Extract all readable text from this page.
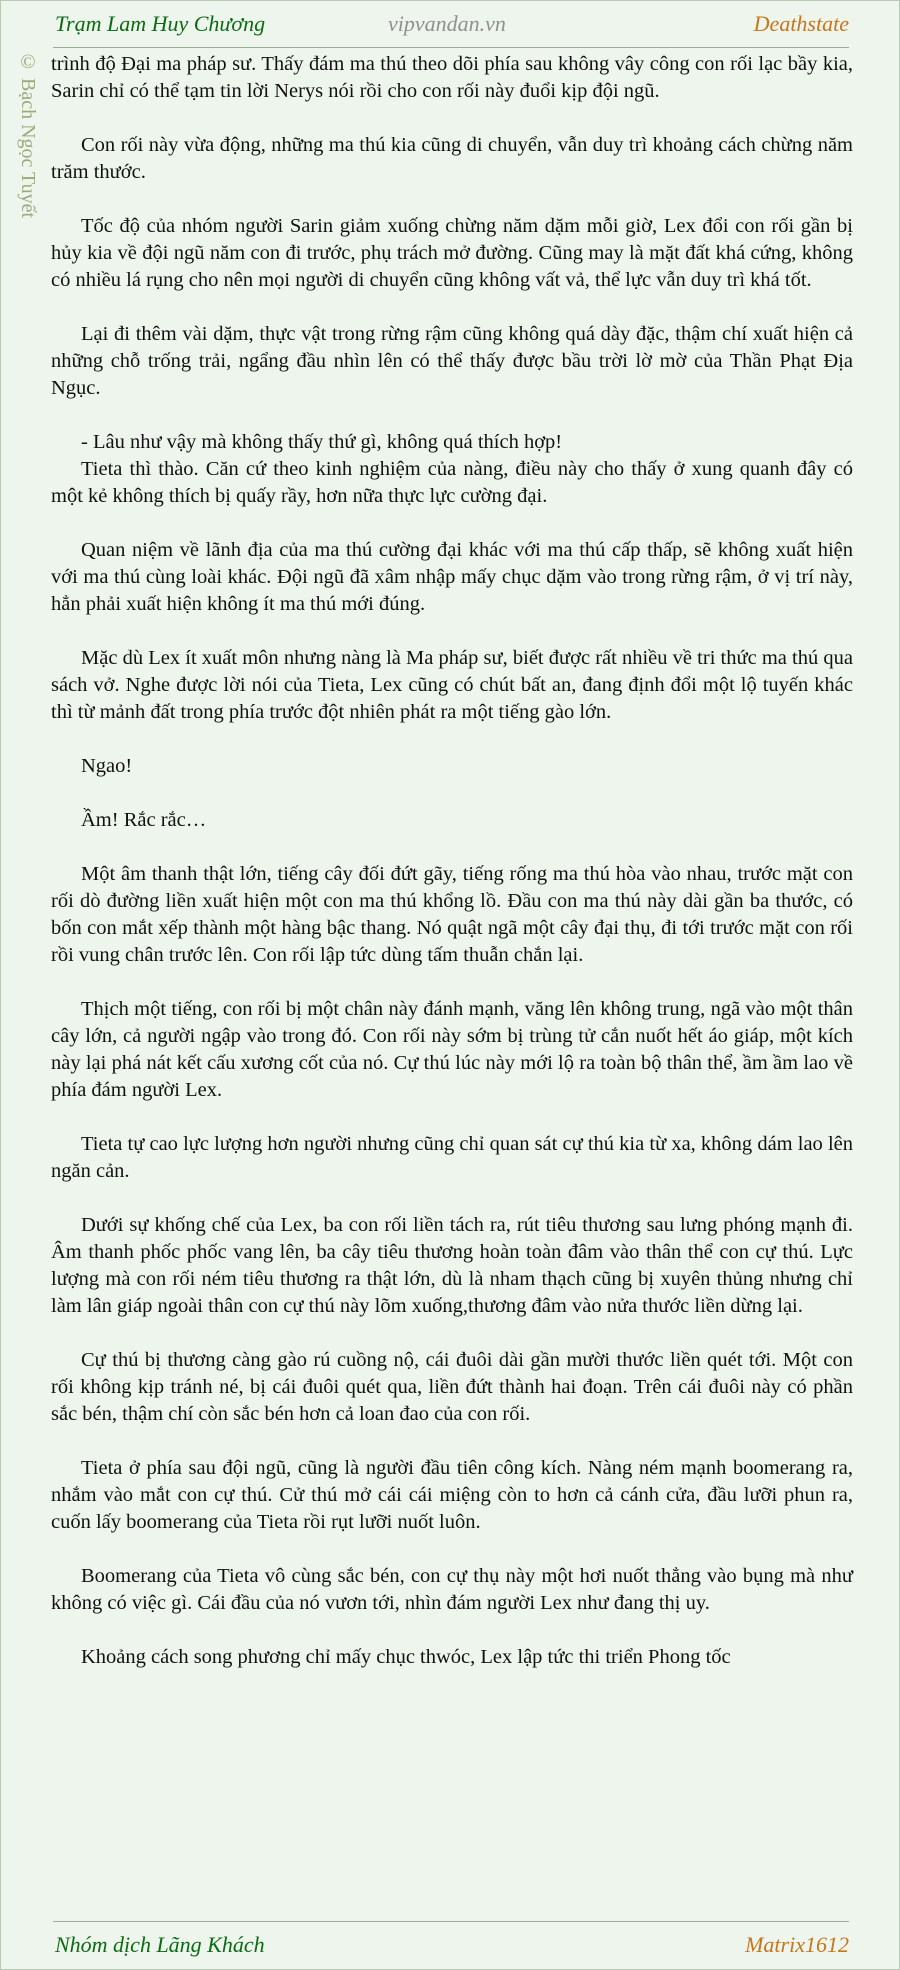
Trạm Lam Huy Chương	vipvandan.vn	Deathstate
© Bạch Ngọc Tuyết trình độ Đại ma pháp sư. Thấy đám ma thú theo dõi phía sau không vây công con rối lạc bầy kia, Sarin chỉ có thể tạm tin lời Nerys nói rồi cho con rối này đuổi kịp đội ngũ.

Con rối này vừa động, những ma thú kia cũng di chuyển, vẫn duy trì khoảng cách chừng năm trăm thước.

Tốc độ của nhóm người Sarin giảm xuống chừng năm dặm mỗi giờ, Lex đổi con rối gần bị hủy kia về đội ngũ năm con đi trước, phụ trách mở đường. Cũng may là mặt đất khá cứng, không có nhiều lá rụng cho nên mọi người di chuyển cũng không vất vả, thể lực vẫn duy trì khá tốt.

Lại đi thêm vài dặm, thực vật trong rừng rậm cũng không quá dày đặc, thậm chí xuất hiện cả những chỗ trống trải, ngẩng đầu nhìn lên có thể thấy được bầu trời lờ mờ của Thần Phạt Địa Ngục.

- Lâu như vậy mà không thấy thứ gì, không quá thích hợp!

Tieta thì thào. Căn cứ theo kinh nghiệm của nàng, điều này cho thấy ở xung quanh đây có một kẻ không thích bị quấy rầy, hơn nữa thực lực cường đại.

Quan niệm về lãnh địa của ma thú cường đại khác với ma thú cấp thấp, sẽ không xuất hiện với ma thú cùng loài khác. Đội ngũ đã xâm nhập mấy chục dặm vào trong rừng rậm, ở vị trí này, hẳn phải xuất hiện không ít ma thú mới đúng.

Mặc dù Lex ít xuất môn nhưng nàng là Ma pháp sư, biết được rất nhiều về tri thức ma thú qua sách vở. Nghe được lời nói của Tieta, Lex cũng có chút bất an, đang định đổi một lộ tuyến khác thì từ mảnh đất trong phía trước đột nhiên phát ra một tiếng gào lớn.

Ngao!

Ầm! Rắc rắc…

Một âm thanh thật lớn, tiếng cây đối đứt gãy, tiếng rống ma thú hòa vào nhau, trước mặt con rối dò đường liền xuất hiện một con ma thú khổng lồ. Đầu con ma thú này dài gần ba thước, có bốn con mắt xếp thành một hàng bậc thang. Nó quật ngã một cây đại thụ, đi tới trước mặt con rối rồi vung chân trước lên. Con rối lập tức dùng tấm thuẫn chắn lại.

Thịch một tiếng, con rối bị một chân này đánh mạnh, văng lên không trung, ngã vào một thân cây lớn, cả người ngập vào trong đó. Con rối này sớm bị trùng tử cắn nuốt hết áo giáp, một kích này lại phá nát kết cấu xương cốt của nó. Cự thú lúc này mới lộ ra toàn bộ thân thể, ầm ầm lao về phía đám người Lex.

Tieta tự cao lực lượng hơn người nhưng cũng chỉ quan sát cự thú kia từ xa, không dám lao lên ngăn cản.

Dưới sự khống chế của Lex, ba con rối liền tách ra, rút tiêu thương sau lưng phóng mạnh đi. Âm thanh phốc phốc vang lên, ba cây tiêu thương hoàn toàn đâm vào thân thể con cự thú. Lực lượng mà con rối ném tiêu thương ra thật lớn, dù là nham thạch cũng bị xuyên thủng nhưng chỉ làm lân giáp ngoài thân con cự thú này lõm xuống,thương đâm vào nửa thước liền dừng lại.

Cự thú bị thương càng gào rú cuồng nộ, cái đuôi dài gần mười thước liền quét tới. Một con rối không kịp tránh né, bị cái đuôi quét qua, liền đứt thành hai đoạn. Trên cái đuôi này có phần sắc bén, thậm chí còn sắc bén hơn cả loan đao của con rối.

Tieta ở phía sau đội ngũ, cũng là người đầu tiên công kích. Nàng ném mạnh boomerang ra, nhắm vào mắt con cự thú. Cử thú mở cái cái miệng còn to hơn cả cánh cửa, đầu lưỡi phun ra, cuốn lấy boomerang của Tieta rồi rụt lưỡi nuốt luôn.

Boomerang của Tieta vô cùng sắc bén, con cự thụ này một hơi nuốt thẳng vào bụng mà như không có việc gì. Cái đầu của nó vươn tới, nhìn đám người Lex như đang thị uy.

Khoảng cách song phương chỉ mấy chục thwóc, Lex lập tức thi triển Phong tốc

Nhóm dịch Lãng Khách	Matrix1612
